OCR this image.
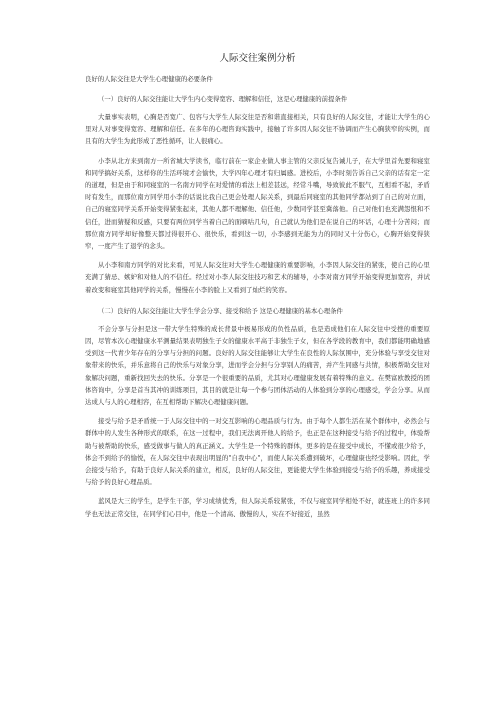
人际交往案例分析
良好的人际交往是大学生心理健康的必要条件
（一）良好的人际交往能让大学生内心变得宽容、理解和信任，这是心理健康的前提条件

大量事实表明，心胸是否宽广、包容与大学生人际交往是否和谐直接相关，只有良好的人际交往，才能让大学生的心里对人对事变得宽容、理解和信任。在多年的心理咨询实践中，接触了许多因人际交往不协调而产生心胸狭窄的实例，而且有的大学生为此形成了恶性循环，让人很痛心。

小李从北方来到南方一所省城大学读书，临行前在一家企业做人事主管的父亲反复告诫儿子，在大学里首先要和寝室和同学搞好关系，这样你的生活环境才会愉快，大学四年心理才有归属感。进校后，小李时刻告诉自己父亲的话有定一定的道理，但是由于和同寝室的一名南方同学在对爱情的看法上相差甚远，经常斗嘴，导致彼此不服气，互相看不起，矛盾时有发生，而那位南方同学用小李的话说比我自己更会处理人际关系，到最后同寝室的其他同学都站到了自己的对立面，自己的寝室同学关系开始变得紧张起来，其他人都不理解他、信任他，少数同学甚至冀落他。自己对他们也充满怨恨和不信任，进而猜疑和反感，只要有两位同学当着自己的面嘀咕几句，自己就认为他们是在说自己的坏话，心理十分苦闷；而那位南方同学却好像整天都过得很开心、很快乐，看到这一切，小李感到无能为力的同时又十分伤心，心胸开始变得狭窄，一度产生了退学的念头。

从小李和南方同学的对比来看，可见人际交往对大学生心理健康的重要影响，小李因人际交往的紧张，使自己的心里充满了猜忌、嫉妒和对他人的不信任。经过对小李人际交往技巧和艺术的辅导，小李对南方同学开始变得更加宽容，并试着改变和寝室其他同学的关系，慢慢在小李的脸上又看到了灿烂的笑容。

（二）良好的人际交往能让大学生学会分享、接受和给予 这是心理健康的基本心理条件

不会分享与分担是这一带大学生特殊的成长背景中极易形成的负性品质，也是造成他们在人际交往中受挫的重要原因，尽管本次心理健康水平测量结果表明独生子女的健康水平高于非独生子女，但在各学段的教育中，我们都能明确地感受到这一代青少年存在的分享与分担的问题。良好的人际交往能够让大学生在良性的人际氛围中，充分体验与享受交往对象带来的快乐，并乐意将自己的快乐与对象分享，进而学会分担与分享别人的痛苦，并产生同感与共情，积极帮助交往对象解决问题，重新找回失去的快乐。分享是一个很重要的品质，尤其对心理健康发展有着特殊的意义。在樊富欧教授的团体咨询中，分享是首当其冲的训练项目，其目的就是让每一个参与团体活动的人体验到分享的心理感受，学会分享。从而达成人与人的心理相容，在互相帮助下解决心理健康问题。

接受与给予是矛盾统一于人际交往中的一对交互影响的心理品质与行为。由于每个人都生活在某个群体中，必然会与群体中的人发生各种形式的联系，在这一过程中，我们无法离开他人的给予，也正是在这种接受与给予的过程中，体验帮助与被帮助的快乐，感受做事与做人的真正涵义。大学生是一个特殊的群体，更多的是在接受中成长，不懂或很少给予，体会不到给予的愉悦，在人际交往中表现出明显的"自我中心"，而使人际关系遭到破坏，心理健康也经受影响。因此，学会接受与给予，有助于良好人际关系的建立，相反，良好的人际交往，更能使大学生体验到接受与给予的乐趣，养成接受与给予的良好心理品质。

蓝风是大三的学生，是学生干部，学习成绩优秀，但人际关系较紧张，不仅与寝室同学相处不好，就连班上的许多同学也无法正常交往，在同学们心目中，他是一个清高、傲慢的人，实在不好接近，虽然
